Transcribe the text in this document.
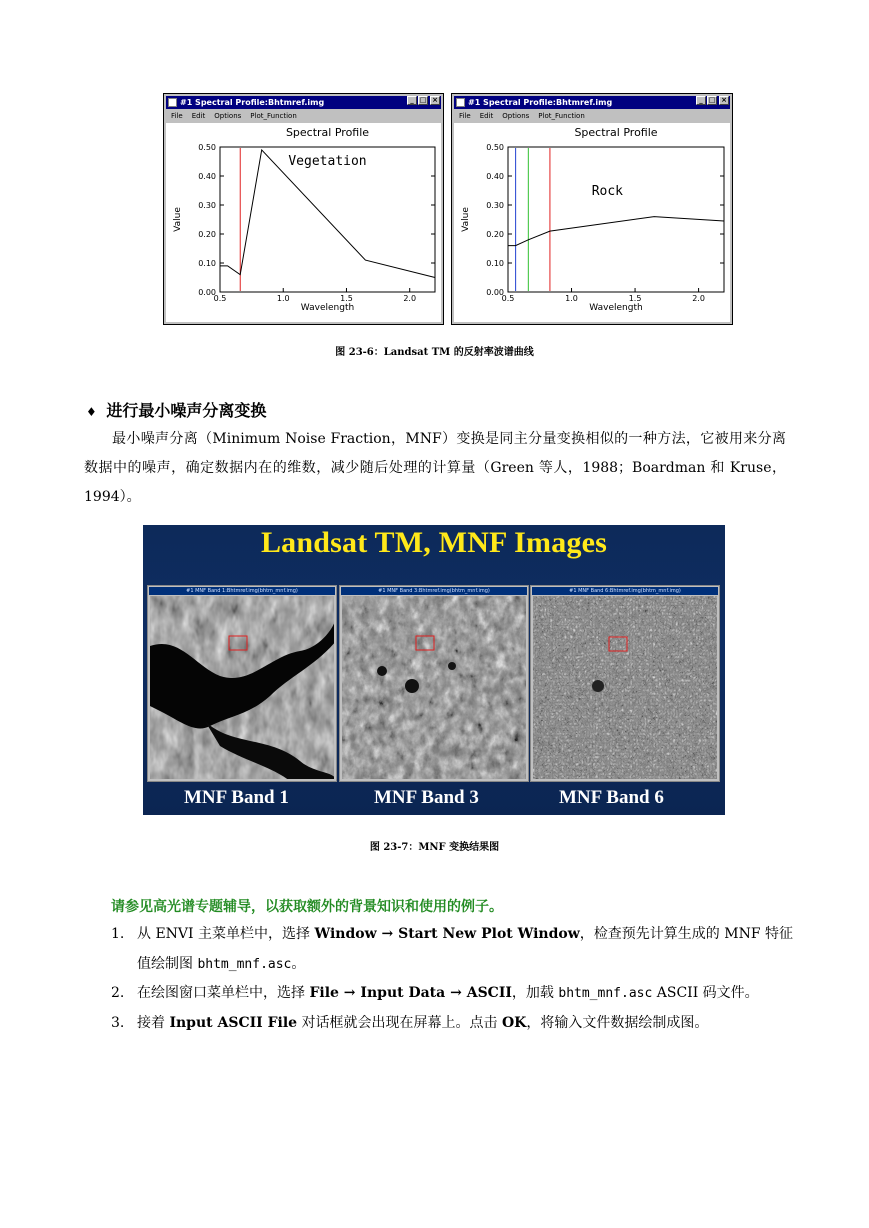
#1 Spectral Profile:Bhtmref.img	_ □ ×
File Edit Options Plot_Function
Spectral Profile
0.00
0.10
0.20
0.30
0.40
0.50
0.5	1.0	1.5	2.0
Wavelength
Value
Vegetation
#1 Spectral Profile:Bhtmref.img	_ □ ×
File Edit Options Plot_Function
Spectral Profile
0.00
0.10
0.20
0.30
0.40
0.50
0.5	1.0	1.5	2.0
Wavelength
Value
Rock
图 23-6：Landsat TM 的反射率波谱曲线
♦ 进行最小噪声分离变换
最小噪声分离（Minimum Noise Fraction，MNF）变换是同主分量变换相似的一种方法，它被用来分离数据中的噪声，确定数据内在的维数，减少随后处理的计算量（Green 等人，1988；Boardman 和 Kruse，1994）。
Landsat TM, MNF Images
#1 MNF Band 1:Bhtmref.img(bhtm_mnf.img)	#1 MNF Band 3:Bhtmref.img(bhtm_mnf.img)	#1 MNF Band 6:Bhtmref.img(bhtm_mnf.img)
MNF Band 1	MNF Band 3	MNF Band 6
图 23-7：MNF 变换结果图
请参见高光谱专题辅导，以获取额外的背景知识和使用的例子。
1. 从 ENVI 主菜单栏中，选择 Window → Start New Plot Window，检查预先计算生成的 MNF 特征
值绘制图 bhtm_mnf.asc。
2. 在绘图窗口菜单栏中，选择 File → Input Data → ASCII，加载 bhtm_mnf.asc ASCII 码文件。
3. 接着 Input ASCII File 对话框就会出现在屏幕上。点击 OK，将输入文件数据绘制成图。
